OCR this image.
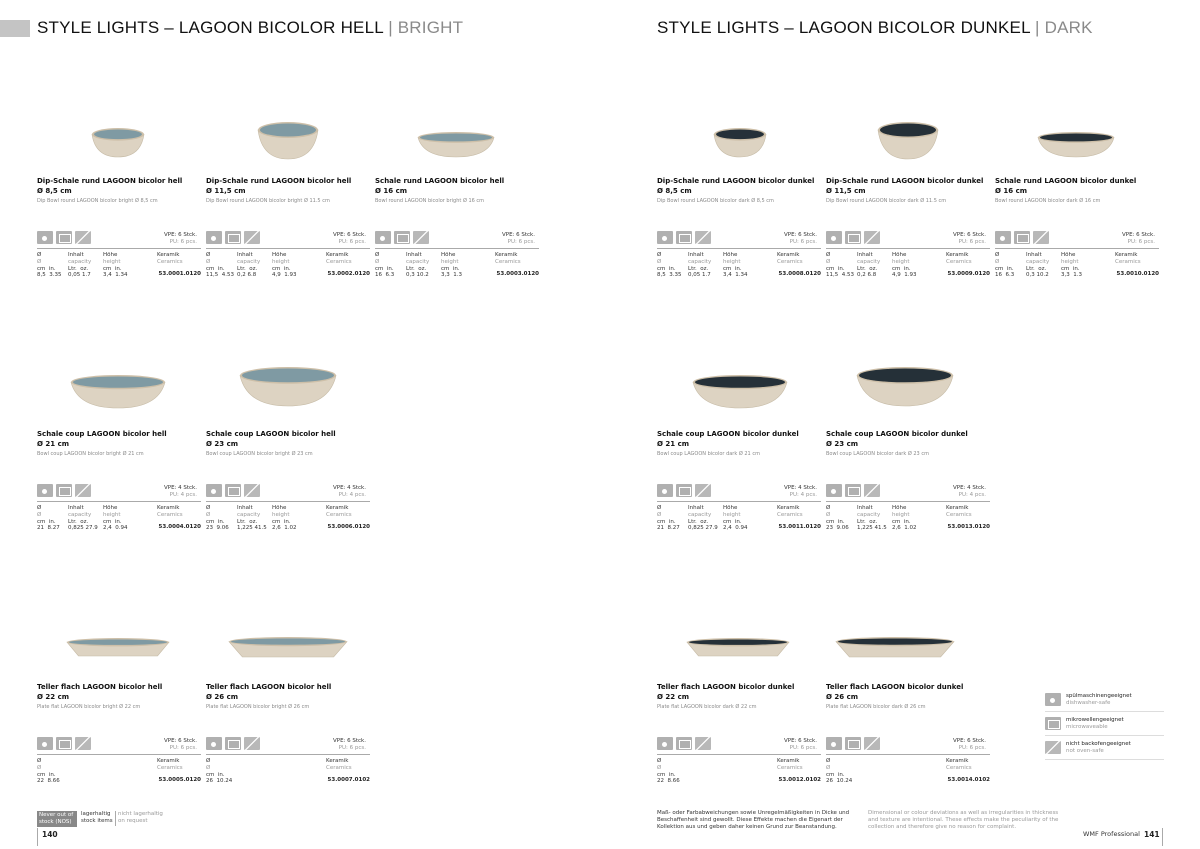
STYLE LIGHTS – LAGOON BICOLOR HELL | BRIGHT	STYLE LIGHTS – LAGOON BICOLOR DUNKEL | DARK
Dip-Schale rund LAGOON bicolor hell
Ø 8,5 cm
Dip Bowl round LAGOON bicolor bright Ø 8,5 cm
VPE: 6 Stck.
PU: 6 pcs.
Ø
Ø
cm in.
8,5 3.35
Inhalt
capacity
Ltr. oz.
0,05 1.7
Höhe
height
cm in.
3,4 1.34
Keramik
Ceramics
53.0001.0120
Dip-Schale rund LAGOON bicolor hell
Ø 11,5 cm
Dip Bowl round LAGOON bicolor bright Ø 11.5 cm
VPE: 6 Stck.
PU: 6 pcs.
Ø
Ø
cm in.
11,5 4.53
Inhalt
capacity
Ltr. oz.
0,2 6.8
Höhe
height
cm in.
4,9 1.93
Keramik
Ceramics
53.0002.0120
Schale rund LAGOON bicolor hell
Ø 16 cm
Bowl round LAGOON bicolor bright Ø 16 cm
VPE: 6 Stck.
PU: 6 pcs.
Ø
Ø
cm in.
16 6.3
Inhalt
capacity
Ltr. oz.
0,3 10.2
Höhe
height
cm in.
3,3 1.3
Keramik
Ceramics
53.0003.0120
Schale coup LAGOON bicolor hell
Ø 21 cm
Bowl coup LAGOON bicolor bright Ø 21 cm
VPE: 4 Stck.
PU: 4 pcs.
Ø
Ø
cm in.
21 8.27
Inhalt
capacity
Ltr. oz.
0,825 27.9
Höhe
height
cm in.
2,4 0.94
Keramik
Ceramics
53.0004.0120
Schale coup LAGOON bicolor hell
Ø 23 cm
Bowl coup LAGOON bicolor bright Ø 23 cm
VPE: 4 Stck.
PU: 4 pcs.
Ø
Ø
cm in.
23 9.06
Inhalt
capacity
Ltr. oz.
1,225 41.5
Höhe
height
cm in.
2,6 1.02
Keramik
Ceramics
53.0006.0120
Teller flach LAGOON bicolor hell
Ø 22 cm
Plate flat LAGOON bicolor bright Ø 22 cm
VPE: 6 Stck.
PU: 6 pcs.
Ø
Ø
cm in.
22 8.66
Keramik
Ceramics
53.0005.0120
Teller flach LAGOON bicolor hell
Ø 26 cm
Plate flat LAGOON bicolor bright Ø 26 cm
VPE: 6 Stck.
PU: 6 pcs.
Ø
Ø
cm in.
26 10.24
Keramik
Ceramics
53.0007.0102
Dip-Schale rund LAGOON bicolor dunkel
Ø 8,5 cm
Dip Bowl round LAGOON bicolor dark Ø 8,5 cm
VPE: 6 Stck.
PU: 6 pcs.
Ø
Ø
cm in.
8,5 3.35
Inhalt
capacity
Ltr. oz.
0,05 1.7
Höhe
height
cm in.
3,4 1.34
Keramik
Ceramics
53.0008.0120
Dip-Schale rund LAGOON bicolor dunkel
Ø 11,5 cm
Dip Bowl round LAGOON bicolor dark Ø 11.5 cm
VPE: 6 Stck.
PU: 6 pcs.
Ø
Ø
cm in.
11,5 4.53
Inhalt
capacity
Ltr. oz.
0,2 6.8
Höhe
height
cm in.
4,9 1.93
Keramik
Ceramics
53.0009.0120
Schale rund LAGOON bicolor dunkel
Ø 16 cm
Bowl round LAGOON bicolor dark Ø 16 cm
VPE: 6 Stck.
PU: 6 pcs.
Ø
Ø
cm in.
16 6.3
Inhalt
capacity
Ltr. oz.
0,3 10.2
Höhe
height
cm in.
3,3 1.3
Keramik
Ceramics
53.0010.0120
Schale coup LAGOON bicolor dunkel
Ø 21 cm
Bowl coup LAGOON bicolor dark Ø 21 cm
VPE: 4 Stck.
PU: 4 pcs.
Ø
Ø
cm in.
21 8.27
Inhalt
capacity
Ltr. oz.
0,825 27.9
Höhe
height
cm in.
2,4 0.94
Keramik
Ceramics
53.0011.0120
Schale coup LAGOON bicolor dunkel
Ø 23 cm
Bowl coup LAGOON bicolor dark Ø 23 cm
VPE: 4 Stck.
PU: 4 pcs.
Ø
Ø
cm in.
23 9.06
Inhalt
capacity
Ltr. oz.
1,225 41.5
Höhe
height
cm in.
2,6 1.02
Keramik
Ceramics
53.0013.0120
Teller flach LAGOON bicolor dunkel
Ø 22 cm
Plate flat LAGOON bicolor dark Ø 22 cm
VPE: 6 Stck.
PU: 6 pcs.
Ø
Ø
cm in.
22 8.66
Keramik
Ceramics
53.0012.0102
Teller flach LAGOON bicolor dunkel
Ø 26 cm
Plate flat LAGOON bicolor dark Ø 26 cm
VPE: 6 Stck.
PU: 6 pcs.
Ø
Ø
cm in.
26 10.24
Keramik
Ceramics
53.0014.0102
spülmaschinengeeignet
dishwasher-safe
mikrowellengeeignet
microwaveable
nicht backofengeeignet
not oven-safe
Never out of stock (NOS)
lagerhaltig
stock items
nicht lagerhaltig
on request
140
Maß- oder Farbabweichungen sowie Unregelmäßigkeiten in Dicke und Beschaffenheit sind gewollt. Diese Effekte machen die Eigenart der Kollektion aus und geben daher keinen Grund zur Beanstandung.
Dimensional or colour deviations as well as irregularities in thickness and texture are intentional. These effects make the peculiarity of the collection and therefore give no reason for complaint.
WMF Professional 141
